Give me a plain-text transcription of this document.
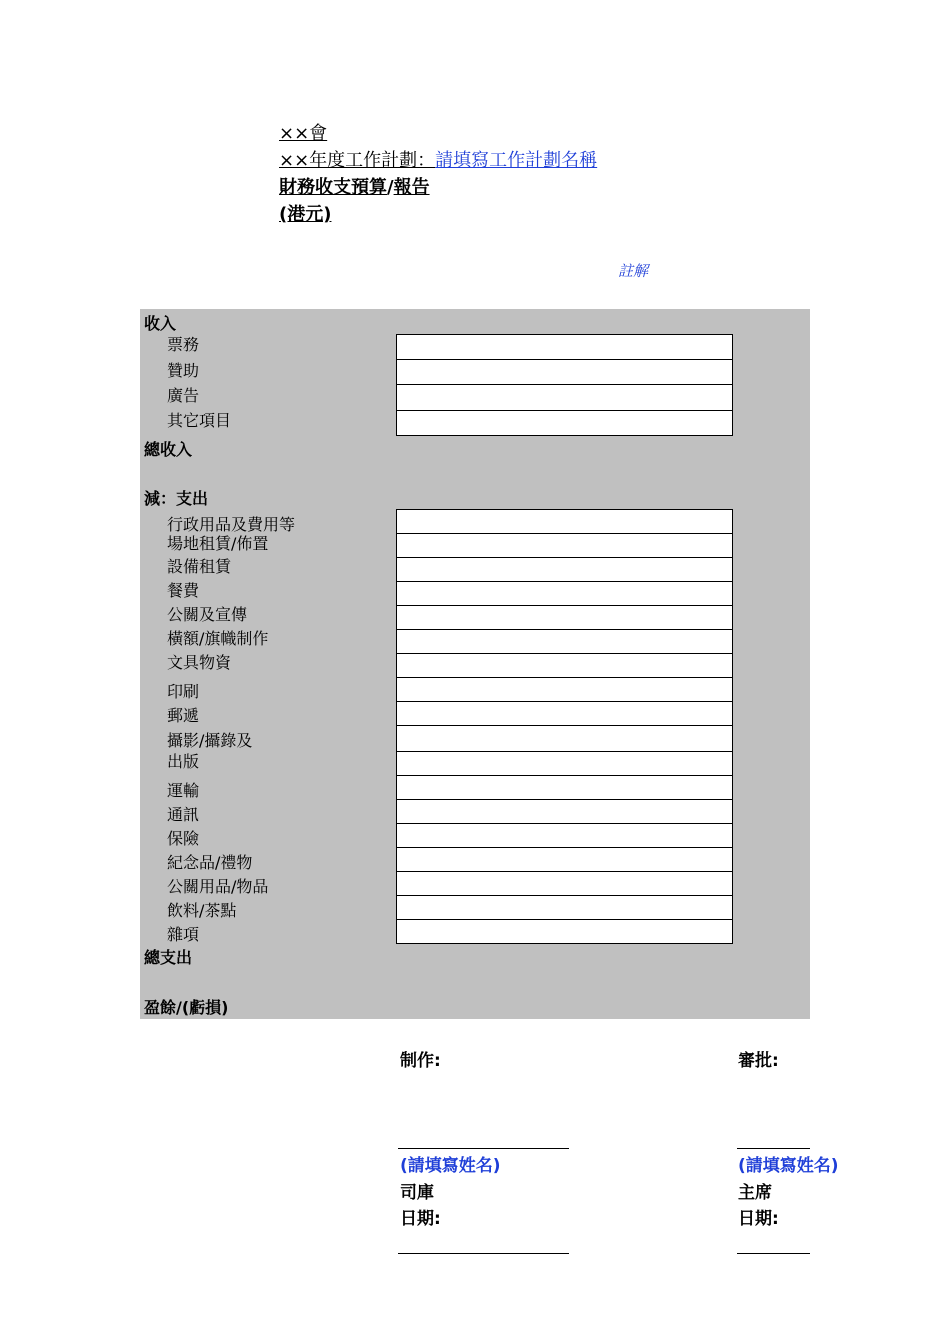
××會
××年度工作計劃：請填寫工作計劃名稱
財務收支預算/報告
(港元)
註解
收入
票務
贊助
廣告
其它項目
總收入
減：支出
行政用品及費用等
場地租賃/佈置
設備租賃
餐費
公關及宣傳
橫額/旗幟制作
文具物資
印刷
郵遞
攝影/攝錄及
出版
運輸
通訊
保險
紀念品/禮物
公關用品/物品
飲料/茶點
雜項
總支出
盈餘/(虧損)
制作:
(請填寫姓名)
司庫
日期:
審批:
(請填寫姓名)
主席
日期:
